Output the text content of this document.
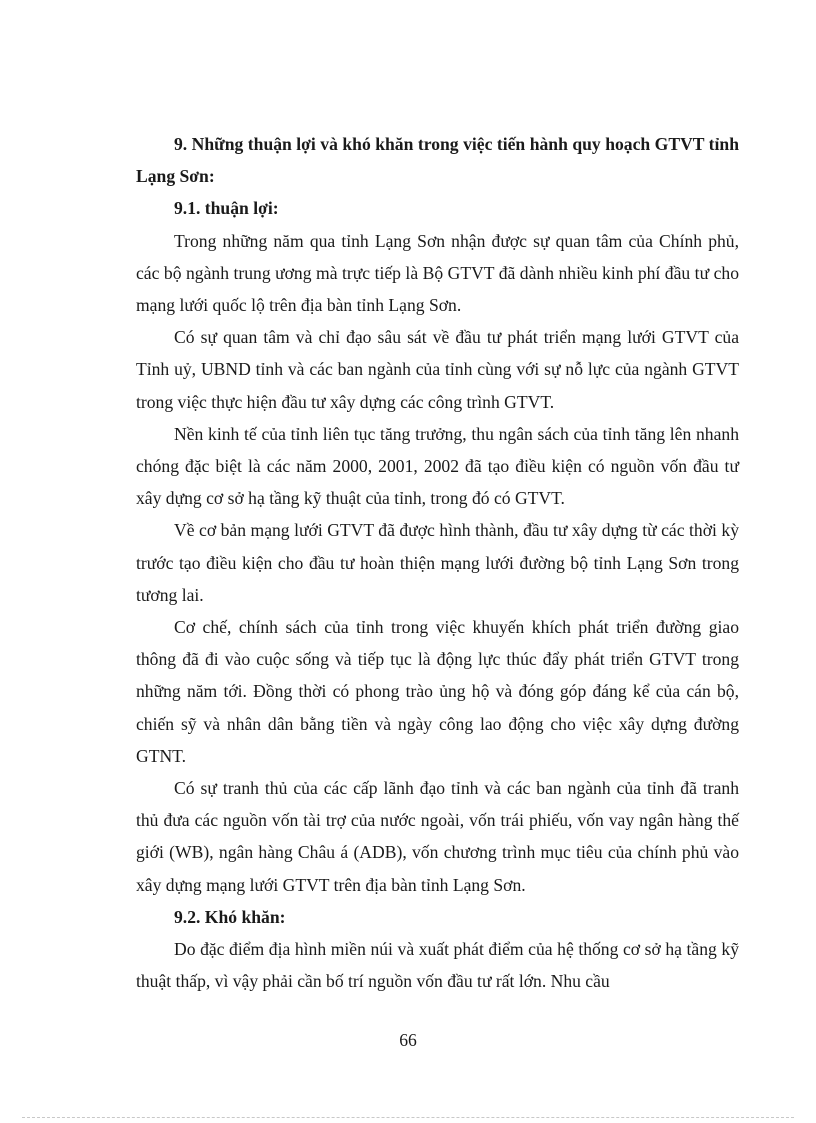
9. Những thuận lợi và khó khăn trong việc tiến hành quy hoạch GTVT tỉnh Lạng Sơn:

9.1. thuận lợi:

Trong những năm qua tỉnh Lạng Sơn nhận được sự quan tâm của Chính phủ, các bộ ngành trung ương mà trực tiếp là Bộ GTVT đã dành nhiều kinh phí đầu tư cho mạng lưới quốc lộ trên địa bàn tỉnh Lạng Sơn.

Có sự quan tâm và chỉ đạo sâu sát về đầu tư phát triển mạng lưới GTVT của Tỉnh uỷ, UBND tỉnh và các ban ngành của tỉnh cùng với sự nỗ lực của ngành GTVT trong việc thực hiện đầu tư xây dựng các công trình GTVT.

Nền kinh tế của tỉnh liên tục tăng trưởng, thu ngân sách của tỉnh tăng lên nhanh chóng đặc biệt là các năm 2000, 2001, 2002 đã tạo điều kiện có nguồn vốn đầu tư xây dựng cơ sở hạ tầng kỹ thuật của tỉnh, trong đó có GTVT.

Về cơ bản mạng lưới GTVT đã được hình thành, đầu tư xây dựng từ các thời kỳ trước tạo điều kiện cho đầu tư hoàn thiện mạng lưới đường bộ tỉnh Lạng Sơn trong tương lai.

Cơ chế, chính sách của tỉnh trong việc khuyến khích phát triển đường giao thông đã đi vào cuộc sống và tiếp tục là động lực thúc đẩy phát triển GTVT trong những năm tới. Đồng thời có phong trào ủng hộ và đóng góp đáng kể của cán bộ, chiến sỹ và nhân dân bằng tiền và ngày công lao động cho việc xây dựng đường GTNT.

Có sự tranh thủ của các cấp lãnh đạo tỉnh và các ban ngành của tỉnh đã tranh thủ đưa các nguồn vốn tài trợ của nước ngoài, vốn trái phiếu, vốn vay ngân hàng thế giới (WB), ngân hàng Châu á (ADB), vốn chương trình mục tiêu của chính phủ vào xây dựng mạng lưới GTVT trên địa bàn tỉnh Lạng Sơn.

9.2. Khó khăn:

Do đặc điểm địa hình miền núi và xuất phát điểm của hệ thống cơ sở hạ tầng kỹ thuật thấp, vì vậy phải cần bố trí nguồn vốn đầu tư rất lớn. Nhu cầu

66
